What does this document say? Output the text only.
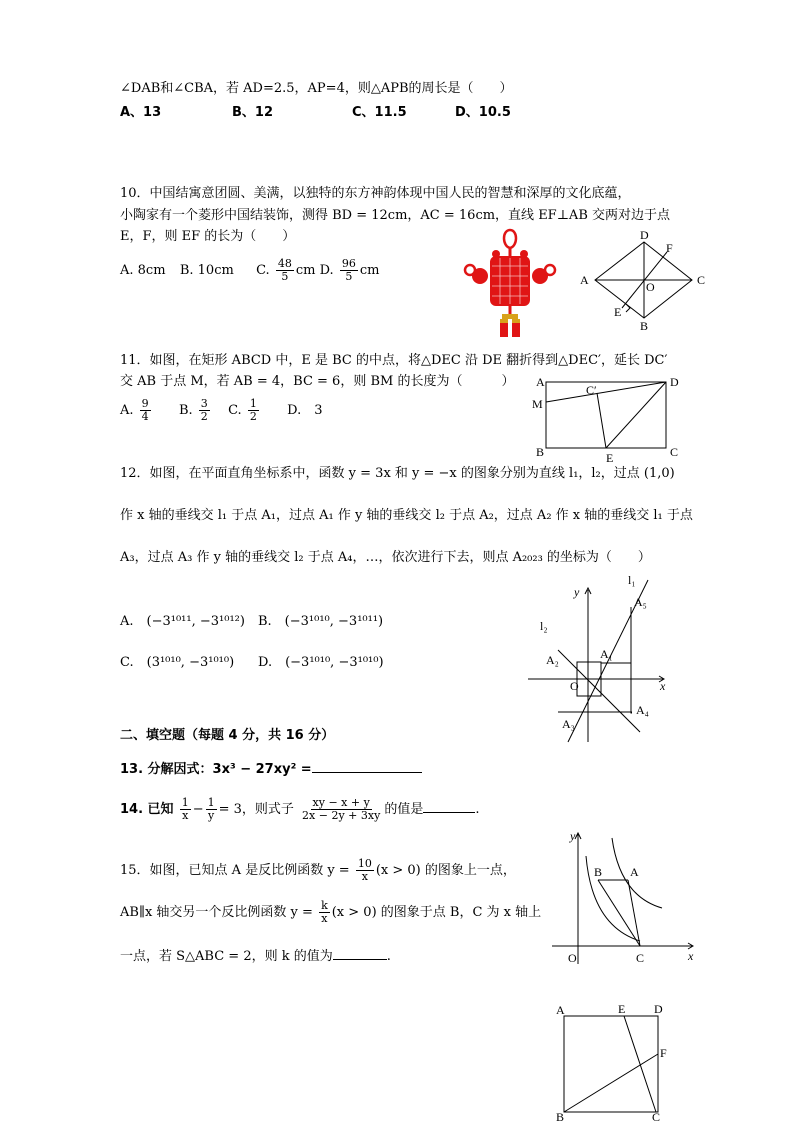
∠DAB和∠CBA，若 AD=2.5，AP=4，则△APB的周长是（　　）
A、13	B、12	C、11.5	D、10.5
10．中国结寓意团圆、美满，以独特的东方神韵体现中国人民的智慧和深厚的文化底蕴，
小陶家有一个菱形中国结装饰，测得 BD = 12cm，AC = 16cm，直线 EF⊥AB 交两对边于点
E，F，则 EF 的长为（　　）
A. 8cm B. 10cm C. $\frac{48}{5}$ cm D. $\frac{96}{5}$ cm
D
F
A	O	C
E
B
11．如图，在矩形 ABCD 中，E 是 BC 的中点，将△DEC 沿 DE 翻折得到△DEC′，延长 DC′
交 AB 于点 M，若 AB = 4，BC = 6，则 BM 的长度为（　　　）
A. $\frac{9}{4} B$. $\frac{3}{2} C$. $\frac{1}{2} D$.　3
A
C′
D
M
B	E	C
12．如图，在平面直角坐标系中，函数 y = 3x 和 y = −x 的图象分别为直线 l₁，l₂，过点 (1,0)
作 x 轴的垂线交 l₁ 于点 A₁，过点 A₁ 作 y 轴的垂线交 l₂ 于点 A₂，过点 A₂ 作 x 轴的垂线交 l₁ 于点
A₃，过点 A₃ 作 y 轴的垂线交 l₂ 于点 A₄，…，依次进行下去，则点 A₂₀₂₃ 的坐标为（　　）
A.　(−3¹⁰¹¹, −3¹⁰¹²) B.　(−3¹⁰¹⁰, −3¹⁰¹¹)
C.　(3¹⁰¹⁰, −3¹⁰¹⁰) D.　(−3¹⁰¹⁰, −3¹⁰¹⁰)
y
x
O
l₁
l₂
A₁
A₂
A₃
A₄
A₅
二、填空题（每题 4 分，共 16 分）
13. 分解因式：3x³ − 27xy² =
14. 已知 $\frac{1}{x} - \frac{1}{y} = 3$，则式子 $\frac{xy - x + y}{2x - 2y + 3xy}$ 的值是	.
15．如图，已知点 A 是反比例函数 $y = \frac{10}{x} (x > 0)$ 的图象上一点，
AB∥x 轴交另一个反比例函数 $y = \frac{k}{x} (x > 0)$ 的图象于点 B，C 为 x 轴上
一点，若 S△ABC = 2，则 k 的值为	.
y
x
O
B A
C
A	E D
F
B	C
